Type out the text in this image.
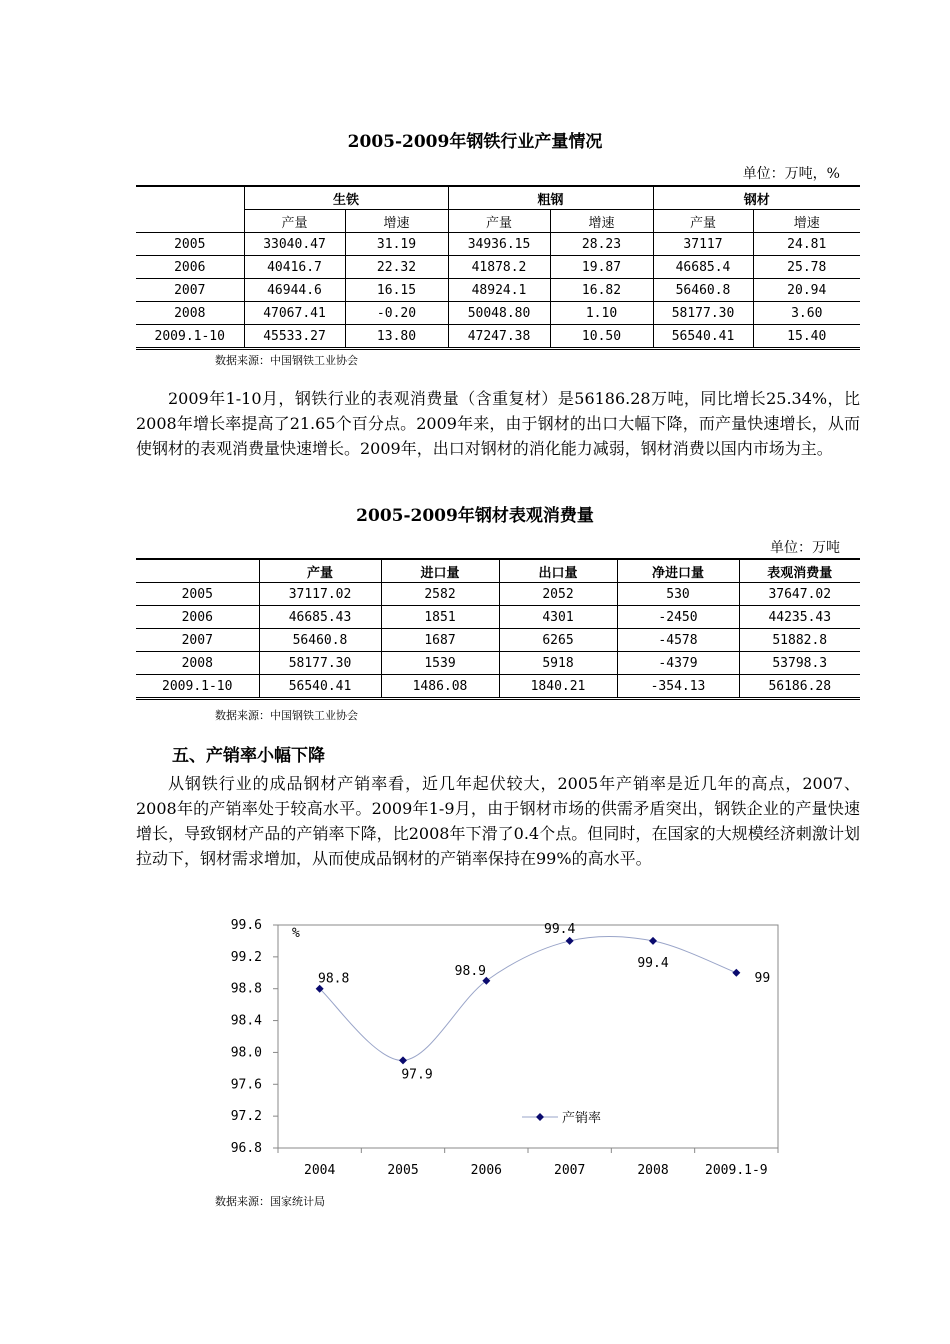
2005-2009年钢铁行业产量情况
单位：万吨，%
	生铁		粗钢		钢材	
	产量	增速	产量	增速	产量	增速
2005	33040.47	31.19	34936.15	28.23	37117	24.81
2006	40416.7	22.32	41878.2	19.87	46685.4	25.78
2007	46944.6	16.15	48924.1	16.82	56460.8	20.94
2008	47067.41	-0.20	50048.80	1.10	58177.30	3.60
2009.1-10	45533.27	13.80	47247.38	10.50	56540.41	15.40
数据来源：中国钢铁工业协会
2009年1-10月，钢铁行业的表观消费量（含重复材）是56186.28万吨，同比增长25.34%，比2008年增长率提高了21.65个百分点。2009年来，由于钢材的出口大幅下降，而产量快速增长，从而使钢材的表观消费量快速增长。2009年，出口对钢材的消化能力减弱，钢材消费以国内市场为主。
2005-2009年钢材表观消费量
单位：万吨
	产量	进口量	出口量	净进口量	表观消费量
2005	37117.02	2582	2052	530	37647.02
2006	46685.43	1851	4301	-2450	44235.43
2007	56460.8	1687	6265	-4578	51882.8
2008	58177.30	1539	5918	-4379	53798.3
2009.1-10	56540.41	1486.08	1840.21	-354.13	56186.28
数据来源：中国钢铁工业协会
五、产销率小幅下降
从钢铁行业的成品钢材产销率看，近几年起伏较大，2005年产销率是近几年的高点，2007、2008年的产销率处于较高水平。2009年1-9月，由于钢材市场的供需矛盾突出，钢铁企业的产量快速增长，导致钢材产品的产销率下降，比2008年下滑了0.4个点。但同时，在国家的大规模经济刺激计划拉动下，钢材需求增加，从而使成品钢材的产销率保持在99%的高水平。
99.6
99.2
98.8
98.4
98.0
97.6
97.2
96.8
2004	2005	2006	2007	2008	2009.1-9
%
98.8
97.9
98.9
99.4
99.4
99
产销率
数据来源：国家统计局
